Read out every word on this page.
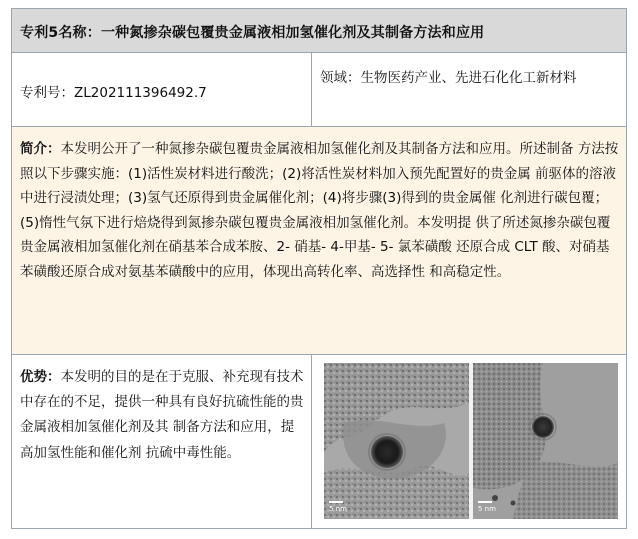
专利5名称：一种氮掺杂碳包覆贵金属液相加氢催化剂及其制备方法和应用
专利号：ZL202111396492.7
领域：生物医药产业、先进石化化工新材料
简介：本发明公开了一种氮掺杂碳包覆贵金属液相加氢催化剂及其制备方法和应用。所述制备 方法按照以下步骤实施：(1)活性炭材料进行酸洗；(2)将活性炭材料加入预先配置好的贵金属 前驱体的溶液中进行浸渍处理；(3)氢气还原得到贵金属催化剂；(4)将步骤(3)得到的贵金属催 化剂进行碳包覆；(5)惰性气氛下进行焙烧得到氮掺杂碳包覆贵金属液相加氢催化剂。本发明提 供了所述氮掺杂碳包覆贵金属液相加氢催化剂在硝基苯合成苯胺、2- 硝基- 4-甲基- 5- 氯苯磺酸 还原合成 CLT 酸、对硝基苯磺酸还原合成对氨基苯磺酸中的应用，体现出高转化率、高选择性 和高稳定性。
优势：本发明的目的是在于克服、补充现有技术中存在的不足，提供一种具有良好抗硫性能的贵金属液相加氢催化剂及其 制备方法和应用，提高加氢性能和催化剂 抗硫中毒性能。
5 nm	5 nm
